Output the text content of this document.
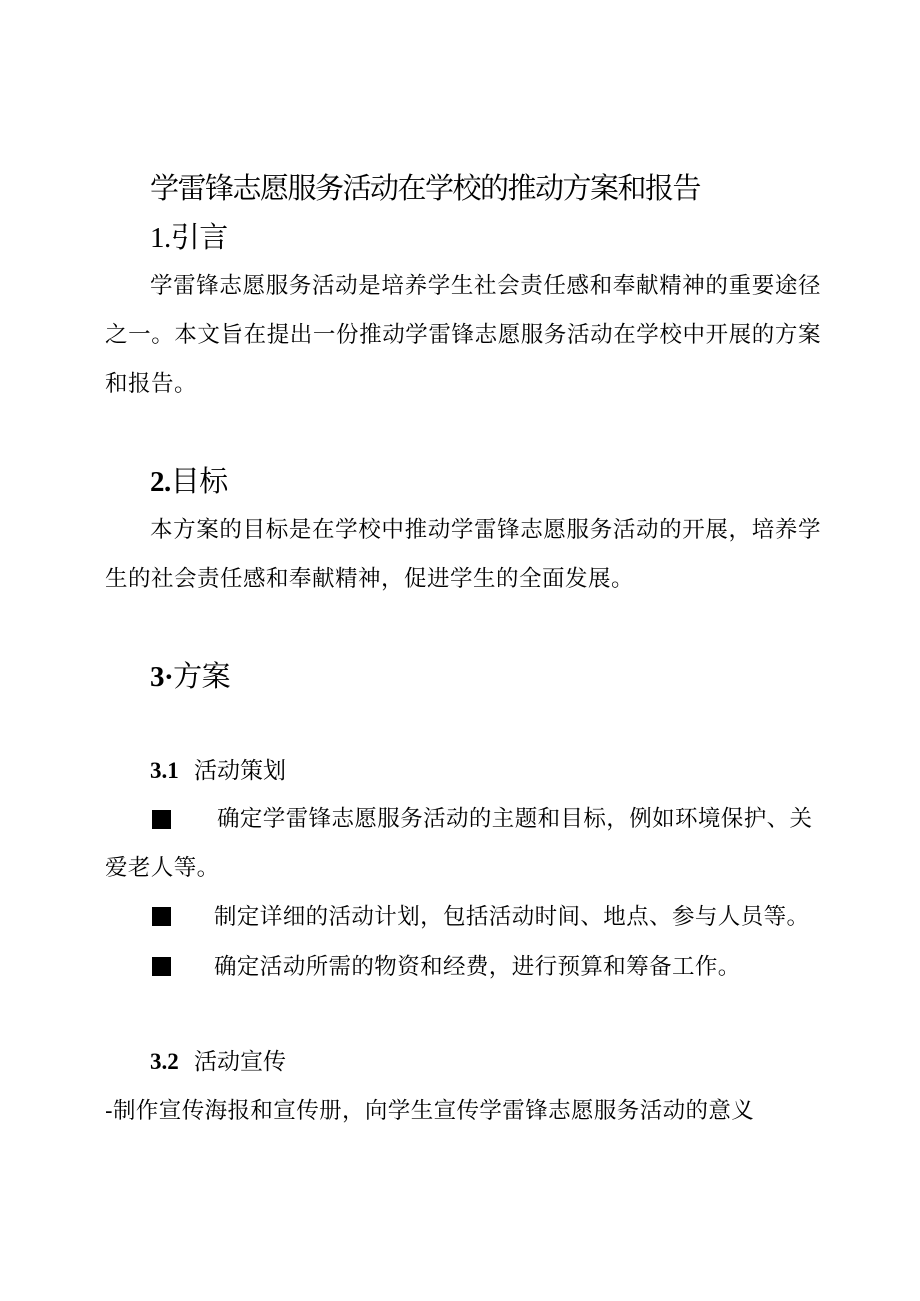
学雷锋志愿服务活动在学校的推动方案和报告
1.引言
学雷锋志愿服务活动是培养学生社会责任感和奉献精神的重要途径之一。本文旨在提出一份推动学雷锋志愿服务活动在学校中开展的方案和报告。
2.目标
本方案的目标是在学校中推动学雷锋志愿服务活动的开展，培养学生的社会责任感和奉献精神，促进学生的全面发展。
3·方案
3.1 活动策划
确定学雷锋志愿服务活动的主题和目标，例如环境保护、关
爱老人等。
制定详细的活动计划，包括活动时间、地点、参与人员等。
确定活动所需的物资和经费，进行预算和筹备工作。
3.2 活动宣传
-制作宣传海报和宣传册，向学生宣传学雷锋志愿服务活动的意义
